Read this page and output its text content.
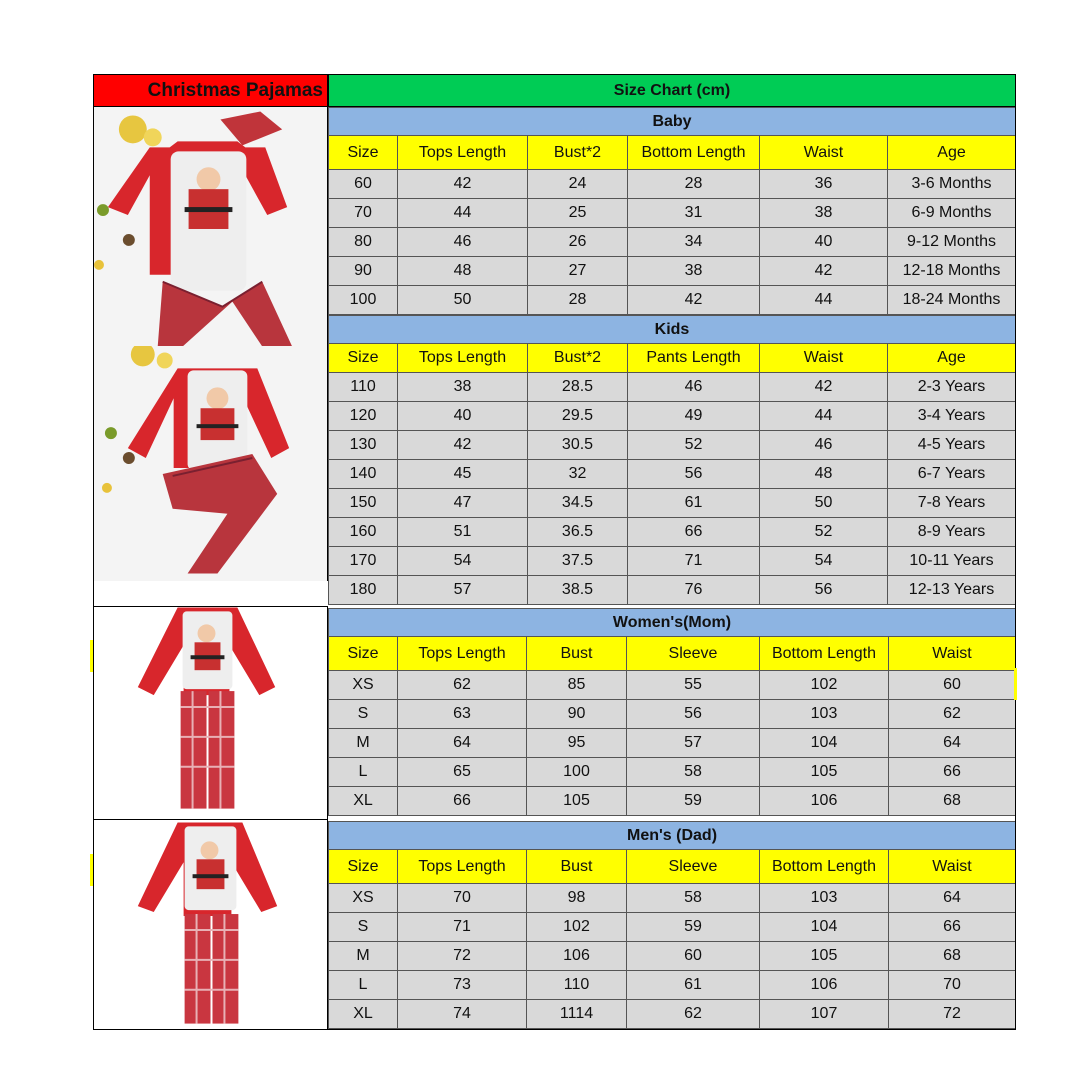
Christmas Pajamas	Size Chart (cm)
Baby
Size	Tops Length	Bust*2	Bottom Length	Waist	Age
60	42	24	28	36	3-6 Months
70	44	25	31	38	6-9 Months
80	46	26	34	40	9-12 Months
90	48	27	38	42	12-18 Months
100	50	28	42	44	18-24 Months
Kids
Size	Tops Length	Bust*2	Pants Length	Waist	Age
110	38	28.5	46	42	2-3 Years
120	40	29.5	49	44	3-4 Years
130	42	30.5	52	46	4-5 Years
140	45	32	56	48	6-7 Years
150	47	34.5	61	50	7-8 Years
160	51	36.5	66	52	8-9 Years
170	54	37.5	71	54	10-11 Years
180	57	38.5	76	56	12-13 Years
Women's(Mom)
Size	Tops Length	Bust	Sleeve	Bottom Length	Waist
XS	62	85	55	102	60
S	63	90	56	103	62
M	64	95	57	104	64
L	65	100	58	105	66
XL	66	105	59	106	68
Men's (Dad)
Size	Tops Length	Bust	Sleeve	Bottom Length	Waist
XS	70	98	58	103	64
S	71	102	59	104	66
M	72	106	60	105	68
L	73	110	61	106	70
XL	74	1114	62	107	72
